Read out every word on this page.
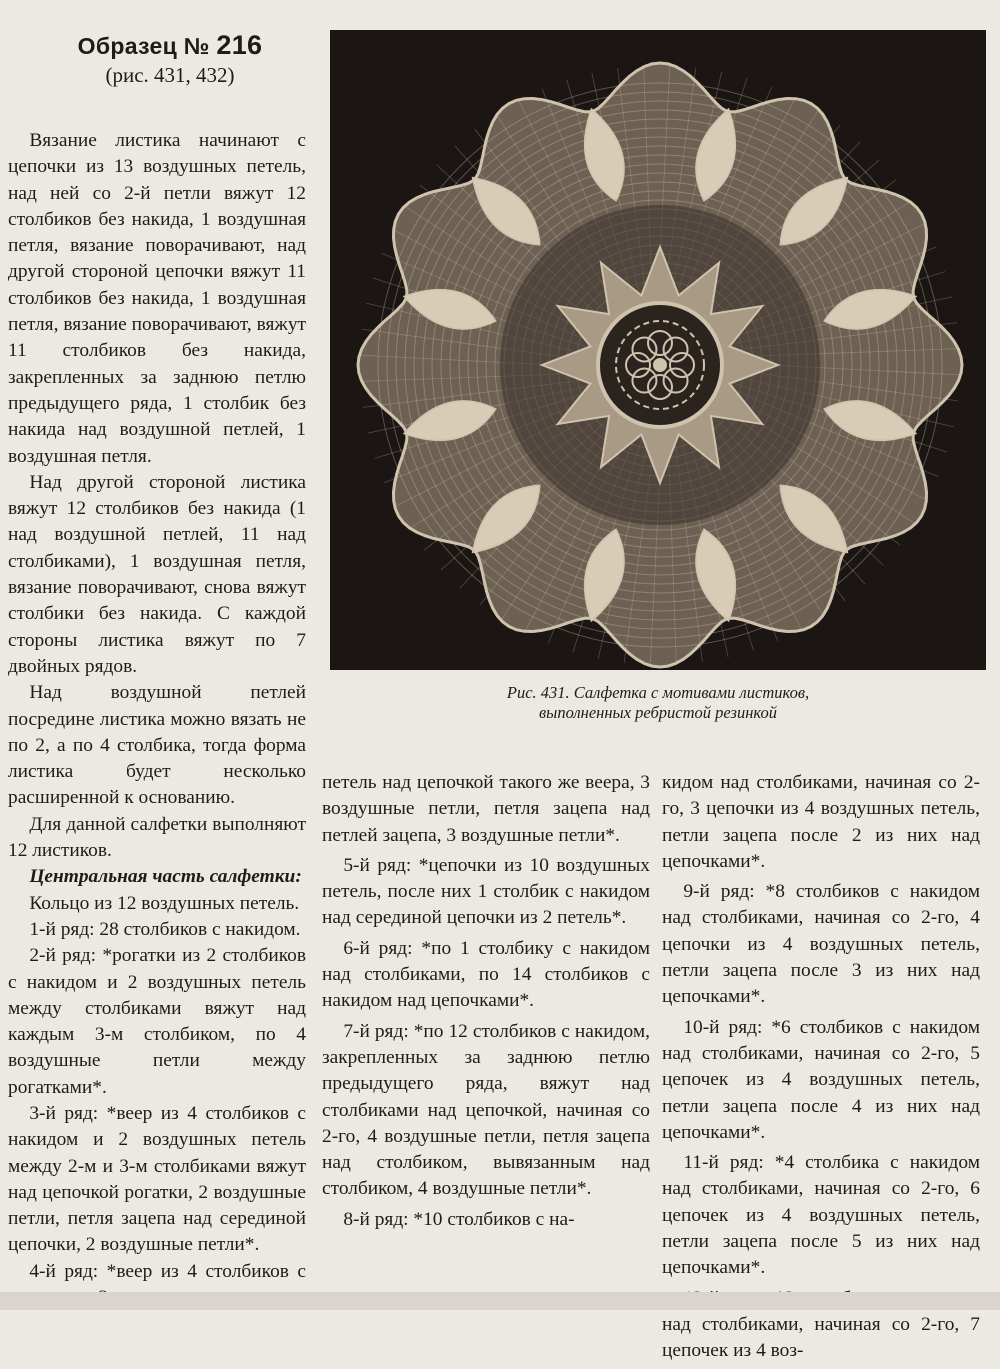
Образец № 216
(рис. 431, 432)

Вязание листика начинают с цепочки из 13 воздушных петель, над ней со 2-й петли вяжут 12 столбиков без накида, 1 воздушная петля, вязание поворачивают, над другой стороной цепочки вяжут 11 столбиков без накида, 1 воздушная петля, вязание поворачивают, вяжут 11 столбиков без накида, закрепленных за заднюю петлю предыдущего ряда, 1 столбик без накида над воздушной петлей, 1 воздушная петля.

Над другой стороной листика вяжут 12 столбиков без накида (1 над воздушной петлей, 11 над столбиками), 1 воздушная петля, вязание поворачивают, снова вяжут столбики без накида. С каждой стороны листика вяжут по 7 двойных рядов.

Над воздушной петлей посредине листика можно вязать не по 2, а по 4 столбика, тогда форма листика будет несколько расширенной к основанию.

Для данной салфетки выполняют 12 листиков.

Центральная часть салфетки:

Кольцо из 12 воздушных петель.

1-й ряд: 28 столбиков с накидом.

2-й ряд: *рогатки из 2 столбиков с накидом и 2 воздушных петель между столбиками вяжут над каждым 3-м столбиком, по 4 воздушные петли между рогатками*.

3-й ряд: *веер из 4 столбиков с накидом и 2 воздушных петель между 2-м и 3-м столбиками вяжут над цепочкой рогатки, 2 воздушные петли, петля зацепа над серединой цепочки, 2 воздушные петли*.

4-й ряд: *веер из 4 столбиков с

Рис. 431. Салфетка с мотивами листиков,
выполненных ребристой резинкой

петель над цепочкой такого же веера, 3 воздушные петли, петля зацепа над петлей зацепа, 3 воздушные петли*.

5-й ряд: *цепочки из 10 воздушных петель, после них 1 столбик с накидом над серединой цепочки из 2 петель*.

6-й ряд: *по 1 столбику с накидом над столбиками, по 14 столбиков с накидом над цепочками*.

7-й ряд: *по 12 столбиков с накидом, закрепленных за заднюю петлю предыдущего ряда, вяжут над столбиками над цепочкой, начиная со 2-го, 4 воздушные петли, петля зацепа над столбиком, вывязанным над столбиком, 4 воздушные петли*.

8-й ряд: *10 столбиков с на-

кидом над столбиками, начиная со 2-го, 3 цепочки из 4 воздушных петель, петли зацепа после 2 из них над цепочками*.

9-й ряд: *8 столбиков с накидом над столбиками, начиная со 2-го, 4 цепочки из 4 воздушных петель, петли зацепа после 3 из них над цепочками*.

10-й ряд: *6 столбиков с накидом над столбиками, начиная со 2-го, 5 цепочек из 4 воздушных петель, петли зацепа после 4 из них над цепочками*.

11-й ряд: *4 столбика с накидом над столбиками, начиная со 2-го, 6 цепочек из 4 воздушных петель, петли зацепа после 5 из них над цепочками*.

над столбиками, начиная со 2-го, 7 цепочек из 4 воз-
